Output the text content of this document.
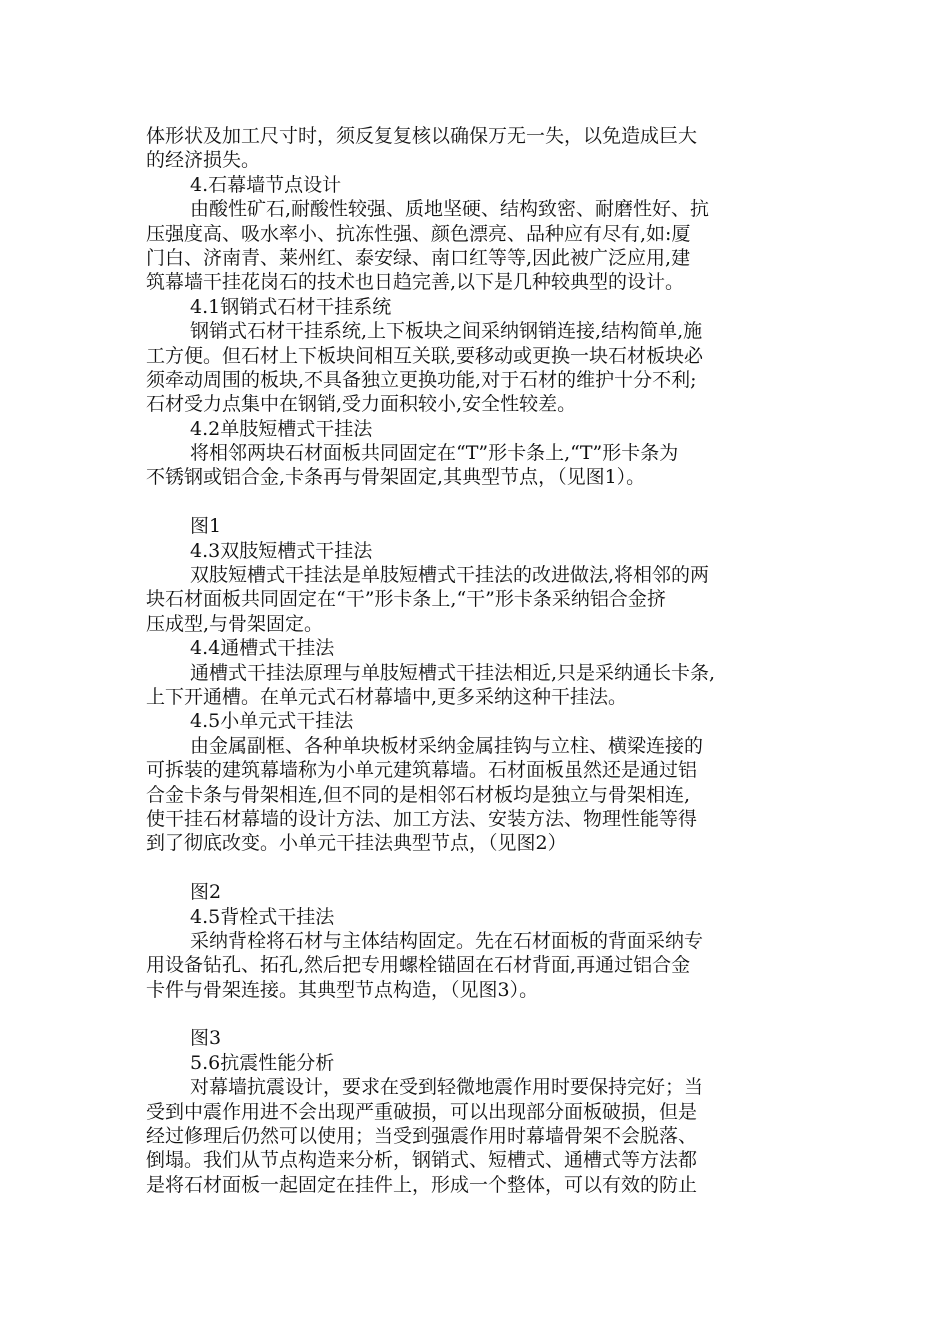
体形状及加工尺寸时，须反复复核以确保万无一失，以免造成巨大
的经济损失。
4.石幕墙节点设计
由酸性矿石,耐酸性较强、质地坚硬、结构致密、耐磨性好、抗
压强度高、吸水率小、抗冻性强、颜色漂亮、品种应有尽有,如:厦
门白、济南青、莱州红、泰安绿、南口红等等,因此被广泛应用,建
筑幕墙干挂花岗石的技术也日趋完善,以下是几种较典型的设计。
4.1钢销式石材干挂系统
钢销式石材干挂系统,上下板块之间采纳钢销连接,结构简单,施
工方便。但石材上下板块间相互关联,要移动或更换一块石材板块必
须牵动周围的板块,不具备独立更换功能,对于石材的维护十分不利;
石材受力点集中在钢销,受力面积较小,安全性较差。
4.2单肢短槽式干挂法
将相邻两块石材面板共同固定在“T”形卡条上,“T”形卡条为
不锈钢或铝合金,卡条再与骨架固定,其典型节点，（见图1）。
图1
4.3双肢短槽式干挂法
双肢短槽式干挂法是单肢短槽式干挂法的改进做法,将相邻的两
块石材面板共同固定在“干”形卡条上,“干”形卡条采纳铝合金挤
压成型,与骨架固定。
4.4通槽式干挂法
通槽式干挂法原理与单肢短槽式干挂法相近,只是采纳通长卡条,
上下开通槽。在单元式石材幕墙中,更多采纳这种干挂法。
4.5小单元式干挂法
由金属副框、各种单块板材采纳金属挂钩与立柱、横梁连接的
可拆装的建筑幕墙称为小单元建筑幕墙。石材面板虽然还是通过铝
合金卡条与骨架相连,但不同的是相邻石材板均是独立与骨架相连,
使干挂石材幕墙的设计方法、加工方法、安装方法、物理性能等得
到了彻底改变。小单元干挂法典型节点，（见图2）
图2
4.5背栓式干挂法
采纳背栓将石材与主体结构固定。先在石材面板的背面采纳专
用设备钻孔、拓孔,然后把专用螺栓锚固在石材背面,再通过铝合金
卡件与骨架连接。其典型节点构造，（见图3）。
图3
5.6抗震性能分析
对幕墙抗震设计，要求在受到轻微地震作用时要保持完好；当
受到中震作用进不会出现严重破损，可以出现部分面板破损，但是
经过修理后仍然可以使用；当受到强震作用时幕墙骨架不会脱落、
倒塌。我们从节点构造来分析，钢销式、短槽式、通槽式等方法都
是将石材面板一起固定在挂件上，形成一个整体，可以有效的防止
